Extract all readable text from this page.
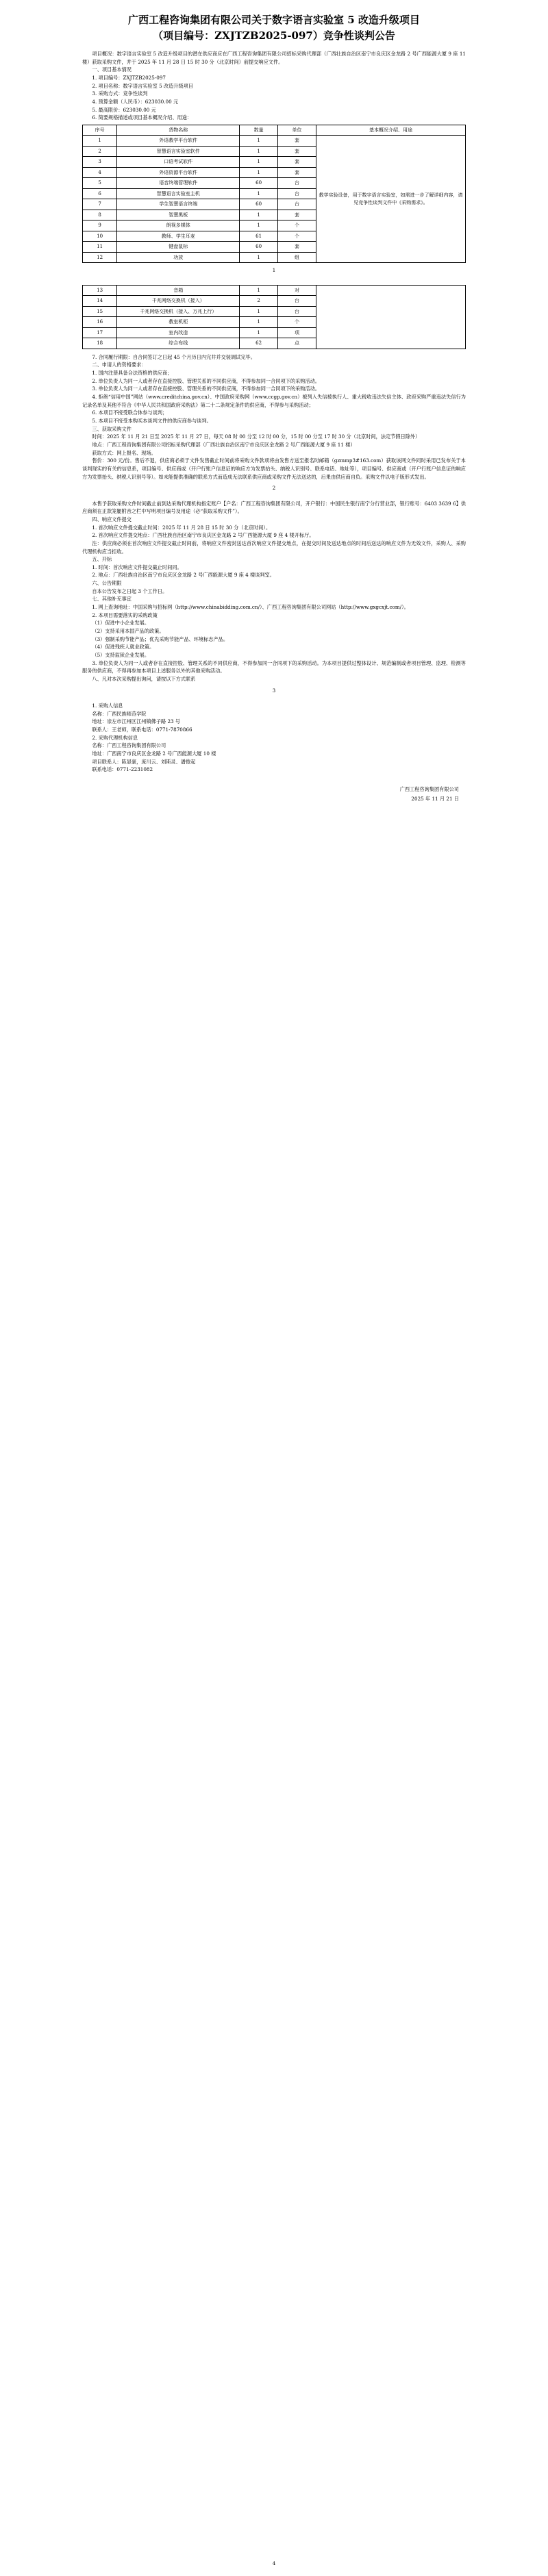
广西工程咨询集团有限公司关于数字语言实验室 5 改造升级项目
（项目编号：ZXJTZB2025-097）竞争性谈判公告

项目概况：数字语言实验室 5 改造升级项目的潜在供应商应在广西工程咨询集团有限公司招标采购代理部（广西壮族自治区南宁市良庆区金龙路 2 号广西能源大厦 9 座 11 楼）获取采购文件，并于 2025 年 11 月 28 日 15 时 30 分（北京时间）前提交响应文件。

一、项目基本情况

1. 项目编号：ZXJTZB2025-097

2. 项目名称：数字语言实验室 5 改造升级项目

3. 采购方式：竞争性谈判

4. 预算金额（人民币）：623030.00 元

5. 最高限价：623030.00 元

6. 简要规格描述或项目基本概况介绍、用途：

序号	货物名称	数量	单位	基本概况介绍、用途
1	外语教学平台软件	1	套	教学实验设备，用于数字语言实验室，如需进一步了解详细内容，请见竞争性谈判文件中《采购需求》。
2	智慧语言实验室软件	1	套	
3	口语考试软件	1	套	
4	外语资源平台软件	1	套	
5	语音终端管理软件	60	台	
6	智慧语言实验室主机	1	台	
7	学生智慧语言终端	60	台	
8	智慧黑板	1	套	
9	朗视多媒体	1	个	
10	教师、学生耳麦	61	个	
11	键盘鼠标	60	套	
12	功放	1	组	
1
13	音箱	1	对	
14	千兆网络交换机（接入）	2	台	
15	千兆网络交换机（接入、万兆上行）	1	台	
16	教室机柜	1	个	
17	室内改造	1	项	
18	综合布线	62	点	

7. 合同履行期限：自合同签订之日起 45 个月历日内完井并交装调试完毕。

二、申请人的资格要求：

1. 国内注册具备合法资格的供应商；

2. 单位负责人为同一人或者存在直接控股、管理关系的不同供应商，不得参加同一合同项下的采购活动。

3. 单位负责人为同一人或者存在直接控股、管理关系的不同供应商，不得参加同一合同项下的采购活动。

4. 拒绝“信用中国”网站（www.creditchina.gov.cn）、中国政府采购网（www.ccgp.gov.cn）被列入失信被执行人、重大税收违法失信主体、政府采购严重违法失信行为记录名单及其他不符合《中华人民共和国政府采购法》第二十二条规定条件的供应商，不得参与采购活动；

6. 本项目不接受联合体参与谈判；

5. 本项目不接受本购买本谈判文件的供应商参与谈判。

三、获取采购文件

时间：2025 年 11 月 21 日至 2025 年 11 月 27 日，每天 08 时 00 分至 12 时 00 分，15 时 00 分至 17 时 30 分（北京时间，法定节假日除外）

地点：广西工程咨询集团有限公司招标采购代理部（广西壮族自治区南宁市良庆区金龙路 2 号广西能源大厦 9 座 11 楼）

获取方式：网上报名、现场。

售价：300 元/份。售后不退，供应商必须于文件发售截止时间前将采购文件款项将由发售方送至报名时邮箱（gzmmp3#163.com）获取该网文件同时采用已发布关于本谈判现实的有关的信息系，项目编号、供应商或（开户行账户信息证的响应方为发票抬头、纳税人识别号、联系电话、地址等），项目编号、供应商或（开户行账户信息证的响应方为发票抬头、纳税人识别号等）。如未能提供准确的联系方式而造成无法联系供应商或采购文件无法送达的，后果由供应商自负。采购文件以电子版形式发出。

2

本售予获取采购文件时间截止前到达采购代理机构指定账户【户名：广西工程咨询集团有限公司，开户银行：中国民生银行南宁分行营业部，银行账号：6403 3639 6】供应商须在正款笼腿附音之栏中写明项目编号及用途（必“获取采购文件”）。

四、响应文件提交

1. 首次响应文件提交截止时间：2025 年 11 月 28 日 15 时 30 分（北京时间）。

2. 首次响应文件提交地点：广西壮族自治区南宁市良庆区金龙路 2 号广西能源大厦 9 座 4 楼开标厅。

注：供应商必须在首次响应文件提交截止时间前，将响应文件密封送达首次响应文件提交地点，在提交时间及送达地点的时间后送达的响应文件为无效文件，采购人、采购代理机构应当拒收。

五、开标

1. 时间：首次响应文件提交截止时间同。

2. 地点：广西壮族自治区南宁市良庆区金龙路 2 号广西能源大厦 9 座 4 楼谈判室。

六、公告期限

自本公告发布之日起 3 个工作日。

七、其他补充事宜

1. 网上查询地址：中国采购与招标网（http://www.chinabidding.com.cn/）、广西工程咨询集团有限公司网站（http://www.gxgcxjt.com/）。

2. 本项目需要落实的采购政策

（1）促进中小企业发展。

（2）支持采用本国产品的政策。

（3）强制采购节能产品；优先采购节能产品、环境标志产品。

（4）促进残疾人就业政策。

（5）支持监狱企业发展。

3. 单位负责人为同一人或者存在直接控股、管理关系的不同供应商，不得参加同一合同项下的采购活动。为本项目提供过整体设计、规范编制或者项目管理、监理、检测等服务的供应商，不得再参加本项目上述服务以外的其他采购活动。

八、凡对本次采购提出询问，请按以下方式联系

3

1. 采购人信息

名称：广西民族师范学院

地址：崇左市江州区江州镇佛子路 23 号

联系人：王老师，联系电话：0771-7870866

2. 采购代理机构信息

名称：广西工程咨询集团有限公司

地址：广西南宁市良庆区金龙路 2 号广西能源大厦 10 楼

项目联系人：陈显豪，庞川云、刘斯灵、潘俊起

联系电话：0771-2231082

广西工程咨询集团有限公司
2025 年 11 月 21 日
4
